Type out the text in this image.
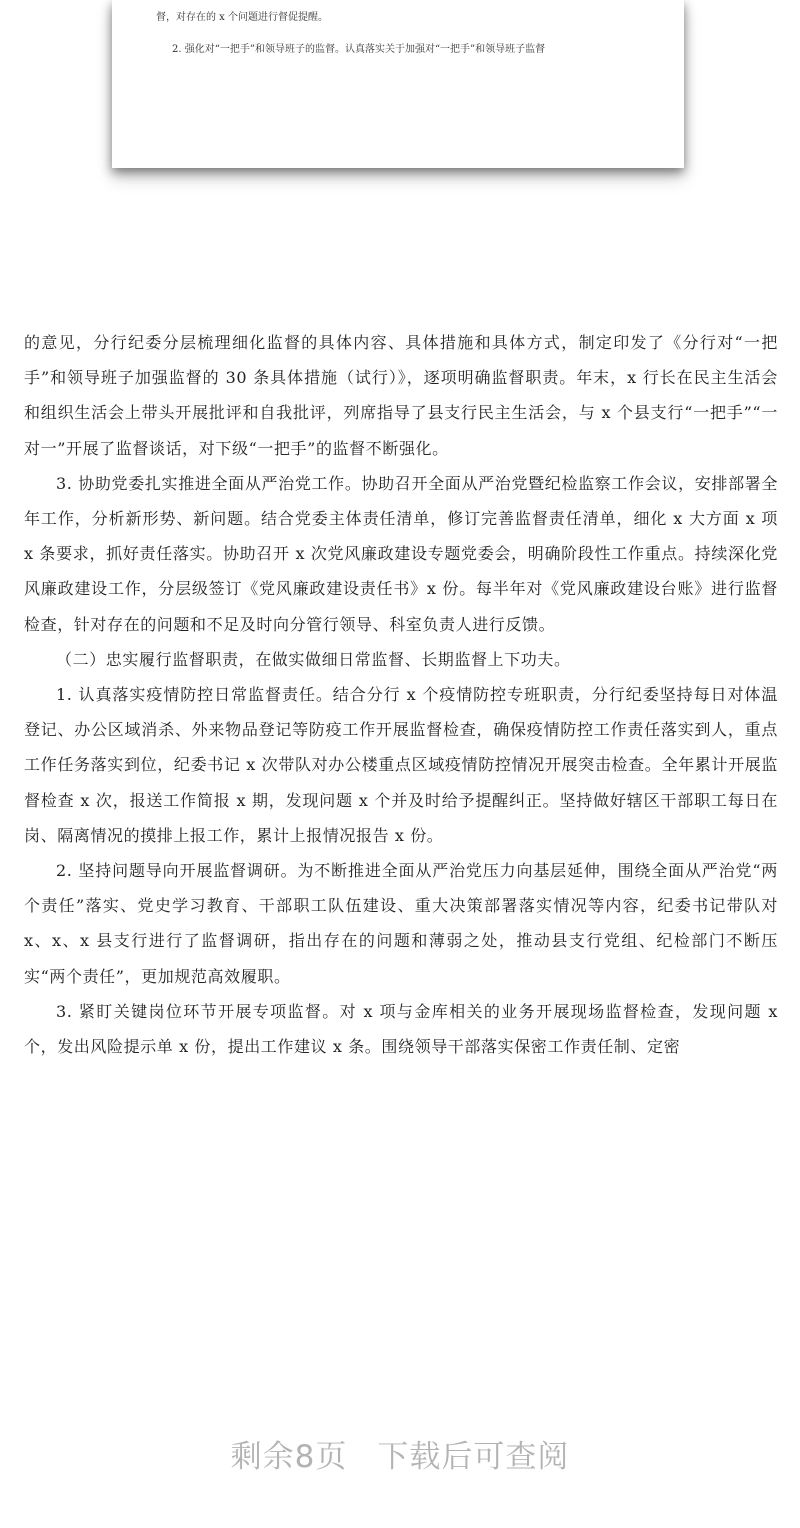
督，对存在的 x 个问题进行督促提醒。
2. 强化对“一把手”和领导班子的监督。认真落实关于加强对“一把手”和领导班子监督

的意见，分行纪委分层梳理细化监督的具体内容、具体措施和具体方式，制定印发了《分行对“一把手”和领导班子加强监督的 30 条具体措施（试行）》，逐项明确监督职责。年末，x 行长在民主生活会和组织生活会上带头开展批评和自我批评，列席指导了县支行民主生活会，与 x 个县支行“一把手”“一对一”开展了监督谈话，对下级“一把手”的监督不断强化。

3. 协助党委扎实推进全面从严治党工作。协助召开全面从严治党暨纪检监察工作会议，安排部署全年工作，分析新形势、新问题。结合党委主体责任清单，修订完善监督责任清单，细化 x 大方面 x 项 x 条要求，抓好责任落实。协助召开 x 次党风廉政建设专题党委会，明确阶段性工作重点。持续深化党风廉政建设工作，分层级签订《党风廉政建设责任书》x 份。每半年对《党风廉政建设台账》进行监督检查，针对存在的问题和不足及时向分管行领导、科室负责人进行反馈。

（二）忠实履行监督职责，在做实做细日常监督、长期监督上下功夫。

1. 认真落实疫情防控日常监督责任。结合分行 x 个疫情防控专班职责，分行纪委坚持每日对体温登记、办公区域消杀、外来物品登记等防疫工作开展监督检查，确保疫情防控工作责任落实到人，重点工作任务落实到位，纪委书记 x 次带队对办公楼重点区域疫情防控情况开展突击检查。全年累计开展监督检查 x 次，报送工作简报 x 期，发现问题 x 个并及时给予提醒纠正。坚持做好辖区干部职工每日在岗、隔离情况的摸排上报工作，累计上报情况报告 x 份。

2. 坚持问题导向开展监督调研。为不断推进全面从严治党压力向基层延伸，围绕全面从严治党“两个责任”落实、党史学习教育、干部职工队伍建设、重大决策部署落实情况等内容，纪委书记带队对 x、x、x 县支行进行了监督调研，指出存在的问题和薄弱之处，推动县支行党组、纪检部门不断压实“两个责任”，更加规范高效履职。

3. 紧盯关键岗位环节开展专项监督。对 x 项与金库相关的业务开展现场监督检查，发现问题 x 个，发出风险提示单 x 份，提出工作建议 x 条。围绕领导干部落实保密工作责任制、定密

剩余8页 下载后可查阅
